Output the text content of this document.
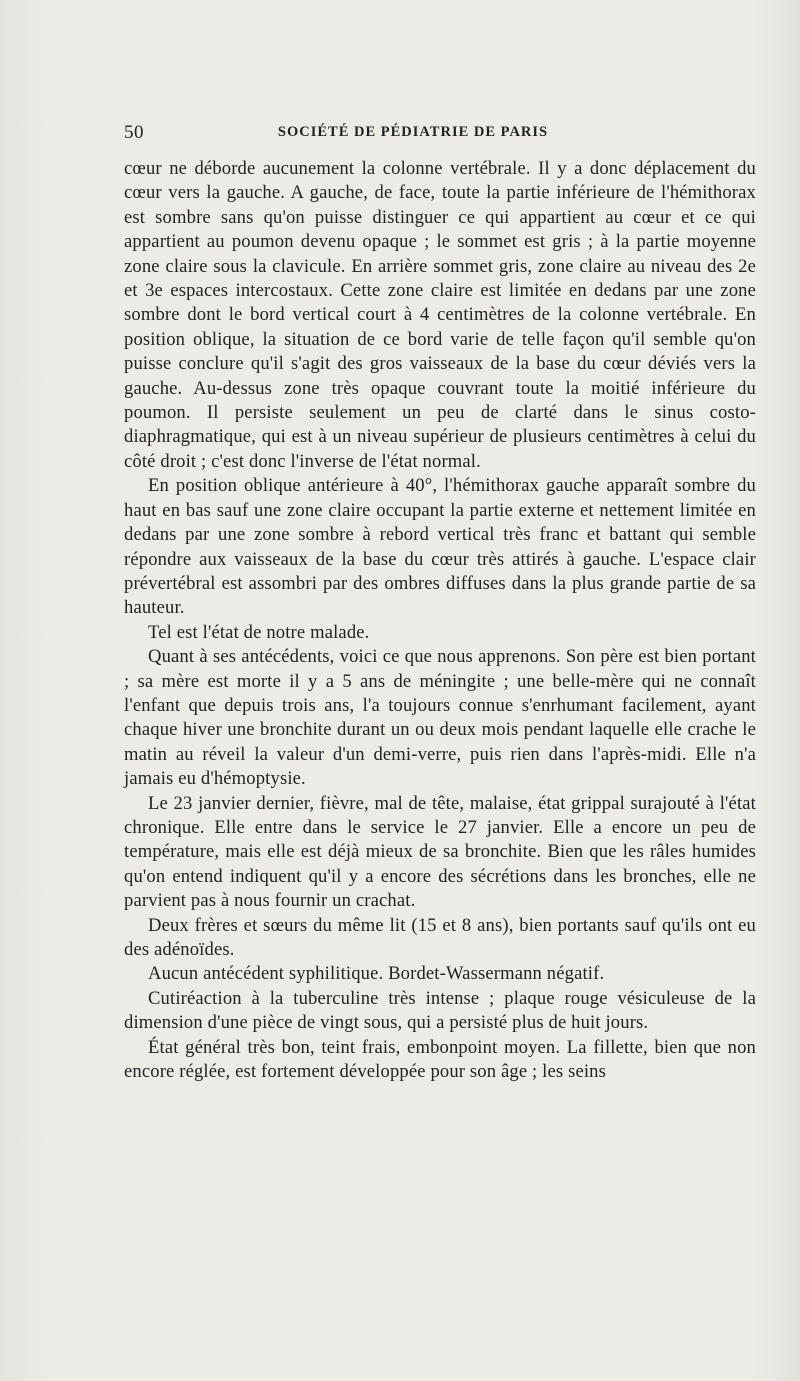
50	SOCIÉTÉ DE PÉDIATRIE DE PARIS

cœur ne déborde aucunement la colonne vertébrale. Il y a donc déplacement du cœur vers la gauche. A gauche, de face, toute la partie inférieure de l'hémithorax est sombre sans qu'on puisse distinguer ce qui appartient au cœur et ce qui appartient au poumon devenu opaque ; le sommet est gris ; à la partie moyenne zone claire sous la clavicule. En arrière sommet gris, zone claire au niveau des 2e et 3e espaces intercostaux. Cette zone claire est limitée en dedans par une zone sombre dont le bord vertical court à 4 centimètres de la colonne vertébrale. En position oblique, la situation de ce bord varie de telle façon qu'il semble qu'on puisse conclure qu'il s'agit des gros vaisseaux de la base du cœur déviés vers la gauche. Au-dessus zone très opaque couvrant toute la moitié inférieure du poumon. Il persiste seulement un peu de clarté dans le sinus costo-diaphragmatique, qui est à un niveau supérieur de plusieurs centimètres à celui du côté droit ; c'est donc l'inverse de l'état normal.

En position oblique antérieure à 40°, l'hémithorax gauche apparaît sombre du haut en bas sauf une zone claire occupant la partie externe et nettement limitée en dedans par une zone sombre à rebord vertical très franc et battant qui semble répondre aux vaisseaux de la base du cœur très attirés à gauche. L'espace clair prévertébral est assombri par des ombres diffuses dans la plus grande partie de sa hauteur.

Tel est l'état de notre malade.

Quant à ses antécédents, voici ce que nous apprenons. Son père est bien portant ; sa mère est morte il y a 5 ans de méningite ; une belle-mère qui ne connaît l'enfant que depuis trois ans, l'a toujours connue s'enrhumant facilement, ayant chaque hiver une bronchite durant un ou deux mois pendant laquelle elle crache le matin au réveil la valeur d'un demi-verre, puis rien dans l'après-midi. Elle n'a jamais eu d'hémoptysie.

Le 23 janvier dernier, fièvre, mal de tête, malaise, état grippal surajouté à l'état chronique. Elle entre dans le service le 27 janvier. Elle a encore un peu de température, mais elle est déjà mieux de sa bronchite. Bien que les râles humides qu'on entend indiquent qu'il y a encore des sécrétions dans les bronches, elle ne parvient pas à nous fournir un crachat.

Deux frères et sœurs du même lit (15 et 8 ans), bien portants sauf qu'ils ont eu des adénoïdes.

Aucun antécédent syphilitique. Bordet-Wassermann négatif.

Cutiréaction à la tuberculine très intense ; plaque rouge vésiculeuse de la dimension d'une pièce de vingt sous, qui a persisté plus de huit jours.

État général très bon, teint frais, embonpoint moyen. La fillette, bien que non encore réglée, est fortement développée pour son âge ; les seins
